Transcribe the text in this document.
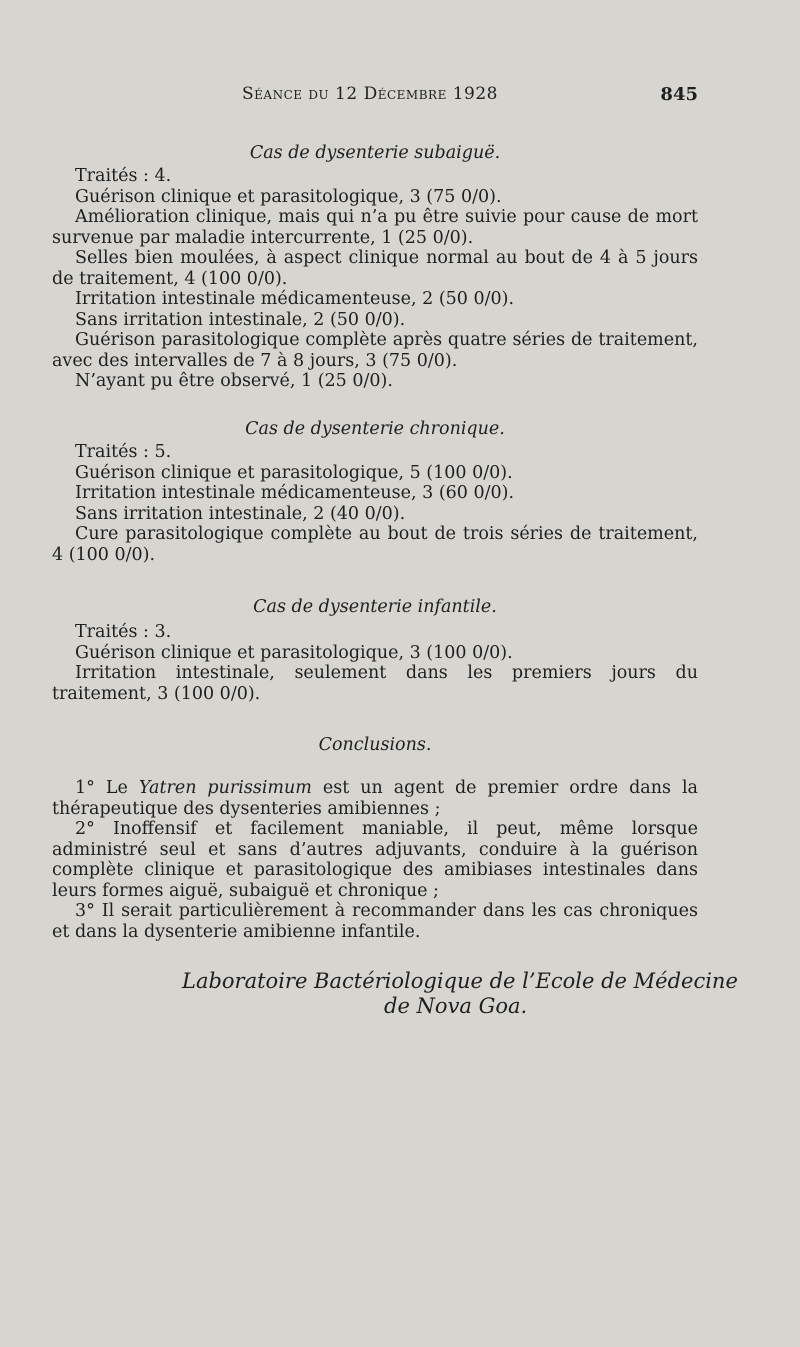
Séance du 12 Décembre 1928	845
Cas de dysenterie subaiguë.

Traités : 4.

Guérison clinique et parasitologique, 3 (75 0/0).

Amélioration clinique, mais qui n’a pu être suivie pour cause de mort survenue par maladie intercurrente, 1 (25 0/0).

Selles bien moulées, à aspect clinique normal au bout de 4 à 5 jours de traitement, 4 (100 0/0).

Irritation intestinale médicamenteuse, 2 (50 0/0).

Sans irritation intestinale, 2 (50 0/0).

Guérison parasitologique complète après quatre séries de traitement, avec des intervalles de 7 à 8 jours, 3 (75 0/0).

N’ayant pu être observé, 1 (25 0/0).

Cas de dysenterie chronique.

Traités : 5.

Guérison clinique et parasitologique, 5 (100 0/0).

Irritation intestinale médicamenteuse, 3 (60 0/0).

Sans irritation intestinale, 2 (40 0/0).

Cure parasitologique complète au bout de trois séries de traitement, 4 (100 0/0).

Cas de dysenterie infantile.

Traités : 3.

Guérison clinique et parasitologique, 3 (100 0/0).

Irritation intestinale, seulement dans les premiers jours du traitement, 3 (100 0/0).

Conclusions.

1° Le Yatren purissimum est un agent de premier ordre dans la thérapeutique des dysenteries amibiennes ;

2° Inoffensif et facilement maniable, il peut, même lorsque administré seul et sans d’autres adjuvants, conduire à la guérison complète clinique et parasitologique des amibiases intestinales dans leurs formes aiguë, subaiguë et chronique ;

3° Il serait particulièrement à recommander dans les cas chroniques et dans la dysenterie amibienne infantile.

Laboratoire Bactériologique de l’Ecole de Médecine
de Nova Goa.
